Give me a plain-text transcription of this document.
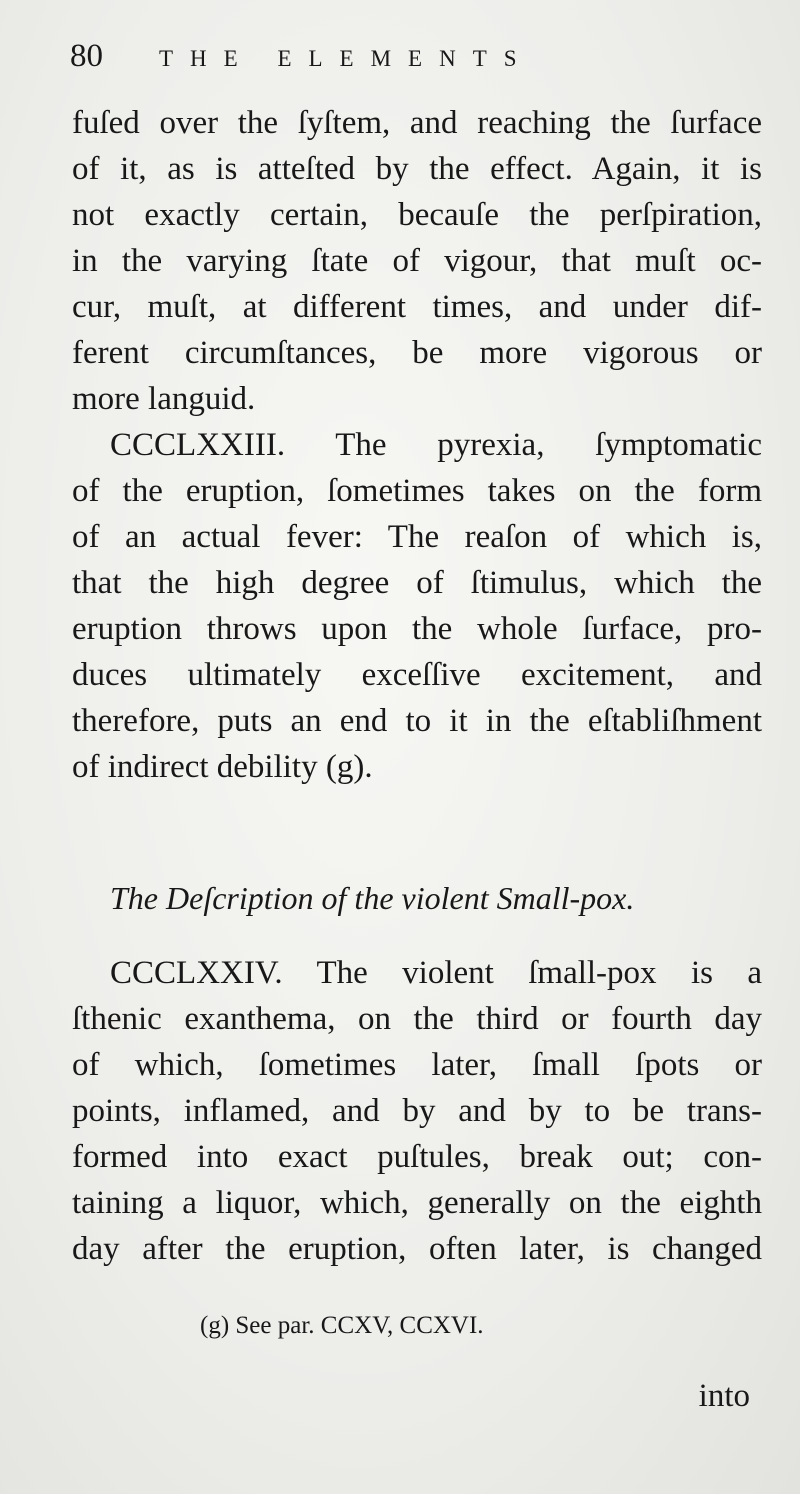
80 THE ELEMENTS
fuſed over the ſyſtem, and reaching the ſurface
of it, as is atteſted by the effect. Again, it is
not exactly certain, becauſe the perſpiration,
in the varying ſtate of vigour, that muſt oc-
cur, muſt, at different times, and under dif-
ferent circumſtances, be more vigorous or
more languid.
CCCLXXIII. The pyrexia, ſymptomatic
of the eruption, ſometimes takes on the form
of an actual fever: The reaſon of which is,
that the high degree of ſtimulus, which the
eruption throws upon the whole ſurface, pro-
duces ultimately exceſſive excitement, and
therefore, puts an end to it in the eſtabliſhment
of indirect debility (g).
The Deſcription of the violent Small-pox.
CCCLXXIV. The violent ſmall-pox is a
ſthenic exanthema, on the third or fourth day
of which, ſometimes later, ſmall ſpots or
points, inflamed, and by and by to be trans-
formed into exact puſtules, break out; con-
taining a liquor, which, generally on the eighth
day after the eruption, often later, is changed
(g) See par. CCXV, CCXVI.
into
